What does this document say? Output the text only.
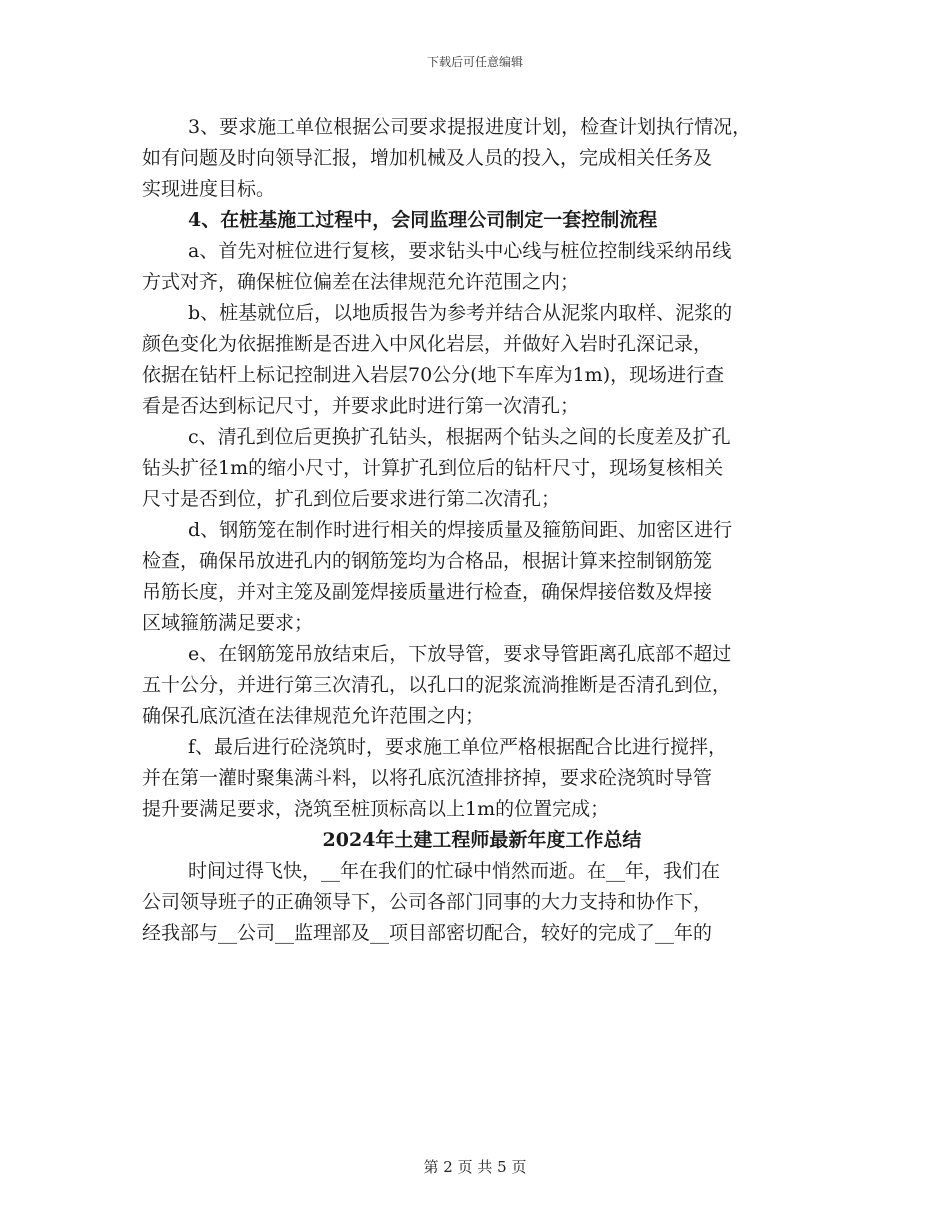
下载后可任意编辑
3、要求施工单位根据公司要求提报进度计划，检查计划执行情况，
如有问题及时向领导汇报，增加机械及人员的投入，完成相关任务及
实现进度目标。
4、在桩基施工过程中，会同监理公司制定一套控制流程
a、首先对桩位进行复核，要求钻头中心线与桩位控制线采纳吊线
方式对齐，确保桩位偏差在法律规范允许范围之内；
b、桩基就位后，以地质报告为参考并结合从泥浆内取样、泥浆的
颜色变化为依据推断是否进入中风化岩层，并做好入岩时孔深记录，
依据在钻杆上标记控制进入岩层70公分(地下车库为1m)，现场进行查
看是否达到标记尺寸，并要求此时进行第一次清孔；
c、清孔到位后更换扩孔钻头，根据两个钻头之间的长度差及扩孔
钻头扩径1m的缩小尺寸，计算扩孔到位后的钻杆尺寸，现场复核相关
尺寸是否到位，扩孔到位后要求进行第二次清孔；
d、钢筋笼在制作时进行相关的焊接质量及箍筋间距、加密区进行
检查，确保吊放进孔内的钢筋笼均为合格品，根据计算来控制钢筋笼
吊筋长度，并对主笼及副笼焊接质量进行检查，确保焊接倍数及焊接
区域箍筋满足要求；
e、在钢筋笼吊放结束后，下放导管，要求导管距离孔底部不超过
五十公分，并进行第三次清孔，以孔口的泥浆流淌推断是否清孔到位，
确保孔底沉渣在法律规范允许范围之内；
f、最后进行砼浇筑时，要求施工单位严格根据配合比进行搅拌，
并在第一灌时聚集满斗料，以将孔底沉渣排挤掉，要求砼浇筑时导管
提升要满足要求，浇筑至桩顶标高以上1m的位置完成；
2024年土建工程师最新年度工作总结
时间过得飞快，__年在我们的忙碌中悄然而逝。在__年，我们在
公司领导班子的正确领导下，公司各部门同事的大力支持和协作下，
经我部与__公司__监理部及__项目部密切配合，较好的完成了__年的
第 2 页 共 5 页
